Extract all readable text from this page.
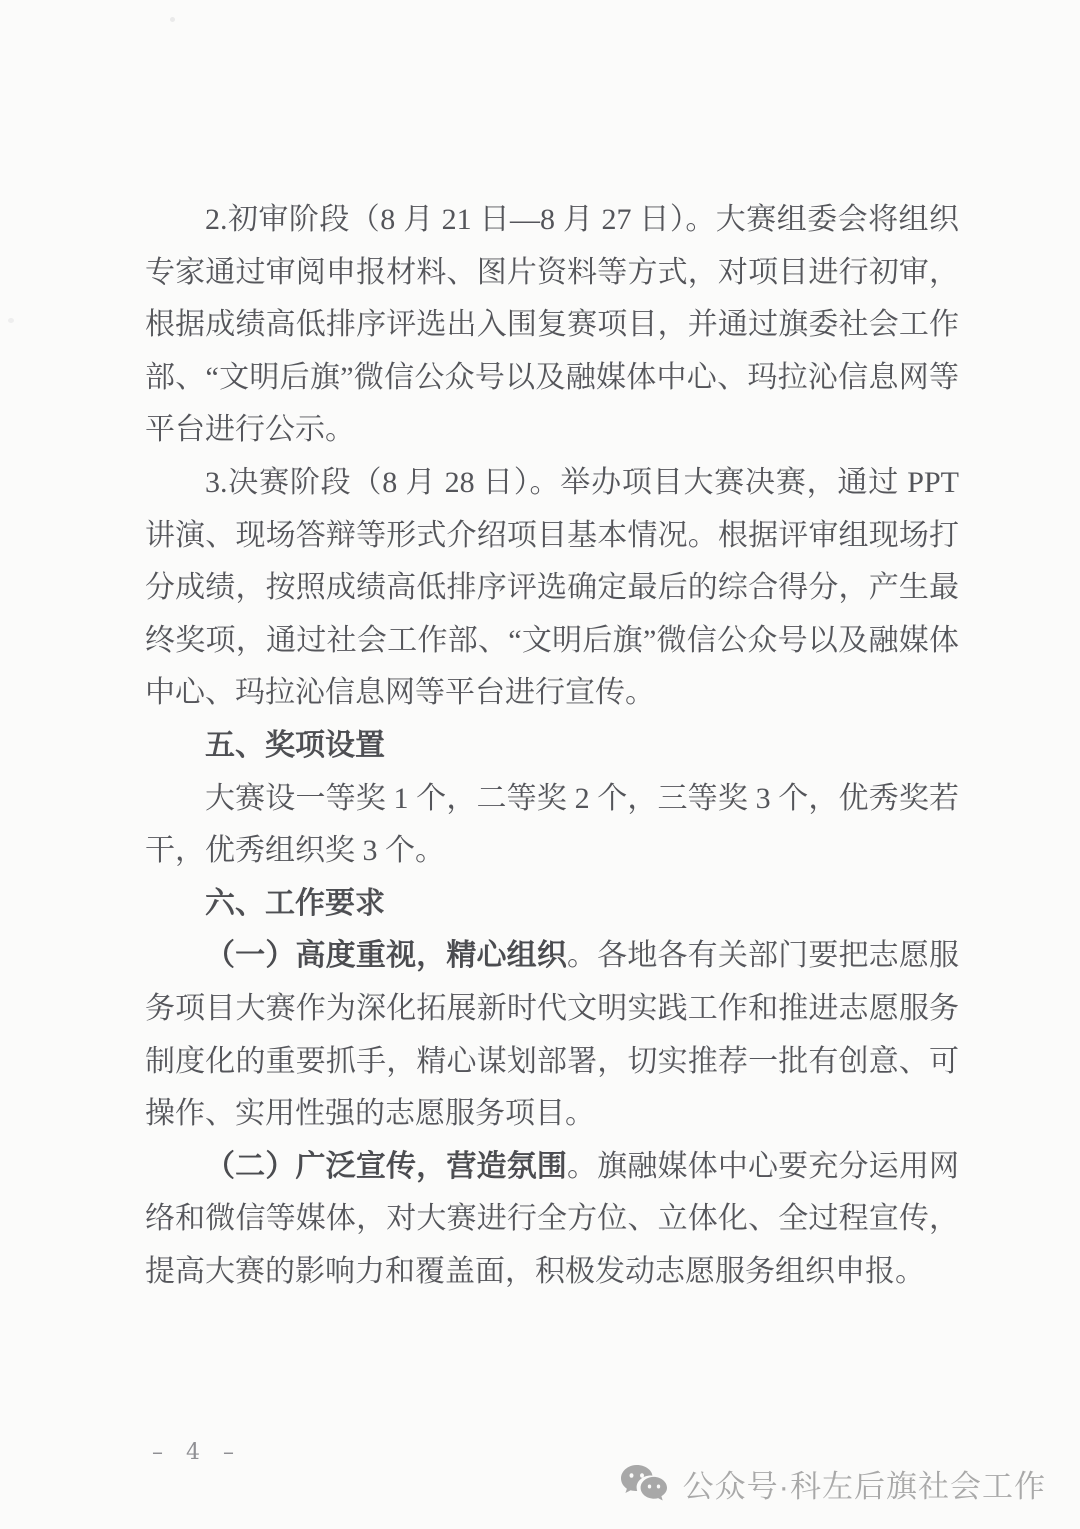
2.初审阶段（8 月 21 日—8 月 27 日）。大赛组委会将组织专家通过审阅申报材料、图片资料等方式，对项目进行初审，根据成绩高低排序评选出入围复赛项目，并通过旗委社会工作部、“文明后旗”微信公众号以及融媒体中心、玛拉沁信息网等平台进行公示。

3.决赛阶段（8 月 28 日）。举办项目大赛决赛，通过 PPT 讲演、现场答辩等形式介绍项目基本情况。根据评审组现场打分成绩，按照成绩高低排序评选确定最后的综合得分，产生最终奖项，通过社会工作部、“文明后旗”微信公众号以及融媒体中心、玛拉沁信息网等平台进行宣传。

五、奖项设置

大赛设一等奖 1 个，二等奖 2 个，三等奖 3 个，优秀奖若干，优秀组织奖 3 个。

六、工作要求

（一）高度重视，精心组织。各地各有关部门要把志愿服务项目大赛作为深化拓展新时代文明实践工作和推进志愿服务制度化的重要抓手，精心谋划部署，切实推荐一批有创意、可操作、实用性强的志愿服务项目。

（二）广泛宣传，营造氛围。旗融媒体中心要充分运用网络和微信等媒体，对大赛进行全方位、立体化、全过程宣传，提高大赛的影响力和覆盖面，积极发动志愿服务组织申报。

– 4 –
公众号·科左后旗社会工作
